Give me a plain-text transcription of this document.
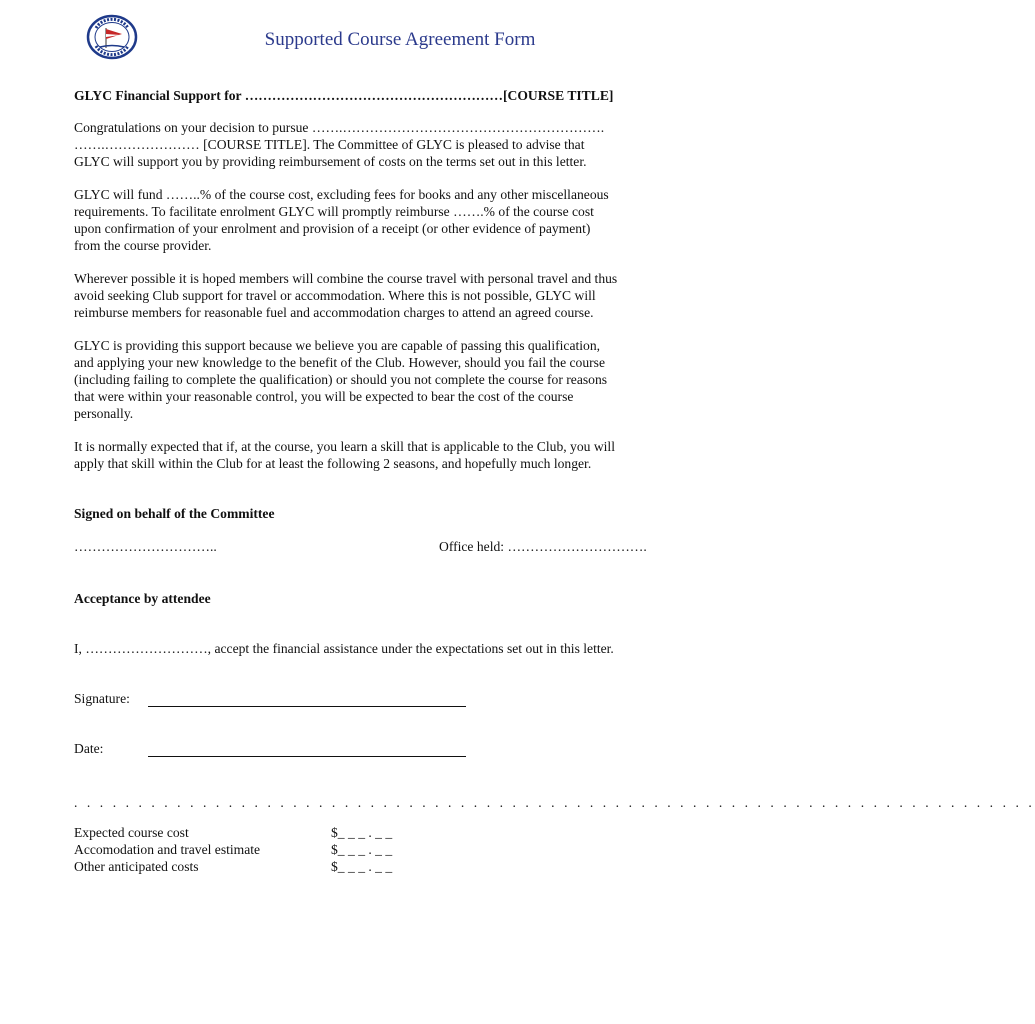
Supported Course Agreement Form
GLYC Financial Support for …………………………………………………[COURSE TITLE]
Congratulations on your decision to pursue …….………………………………………………….
…….………………… [COURSE TITLE]. The Committee of GLYC is pleased to advise that
GLYC will support you by providing reimbursement of costs on the terms set out in this letter.
GLYC will fund ……..% of the course cost, excluding fees for books and any other miscellaneous
requirements. To facilitate enrolment GLYC will promptly reimburse …….% of the course cost
upon confirmation of your enrolment and provision of a receipt (or other evidence of payment)
from the course provider.
Wherever possible it is hoped members will combine the course travel with personal travel and thus
avoid seeking Club support for travel or accommodation. Where this is not possible, GLYC will
reimburse members for reasonable fuel and accommodation charges to attend an agreed course.
GLYC is providing this support because we believe you are capable of passing this qualification,
and applying your new knowledge to the benefit of the Club. However, should you fail the course
(including failing to complete the qualification) or should you not complete the course for reasons
that were within your reasonable control, you will be expected to bear the cost of the course
personally.
It is normally expected that if, at the course, you learn a skill that is applicable to the Club, you will
apply that skill within the Club for at least the following 2 seasons, and hopefully much longer.
Signed on behalf of the Committee
…………………………..	Office held: ………………………….
Acceptance by attendee
I, ………………………, accept the financial assistance under the expectations set out in this letter.
Signature:
Date:
. . . . . . . . . . . . . . . . . . . . . . . . . . . . . . . . . . . . . . . . . . . . . . . . . . . . . . . . . . . . . . . . . . . . . . . . . . .
Expected course cost	$_ _ _ . _ _
Accomodation and travel estimate	$_ _ _ . _ _
Other anticipated costs	$_ _ _ . _ _
